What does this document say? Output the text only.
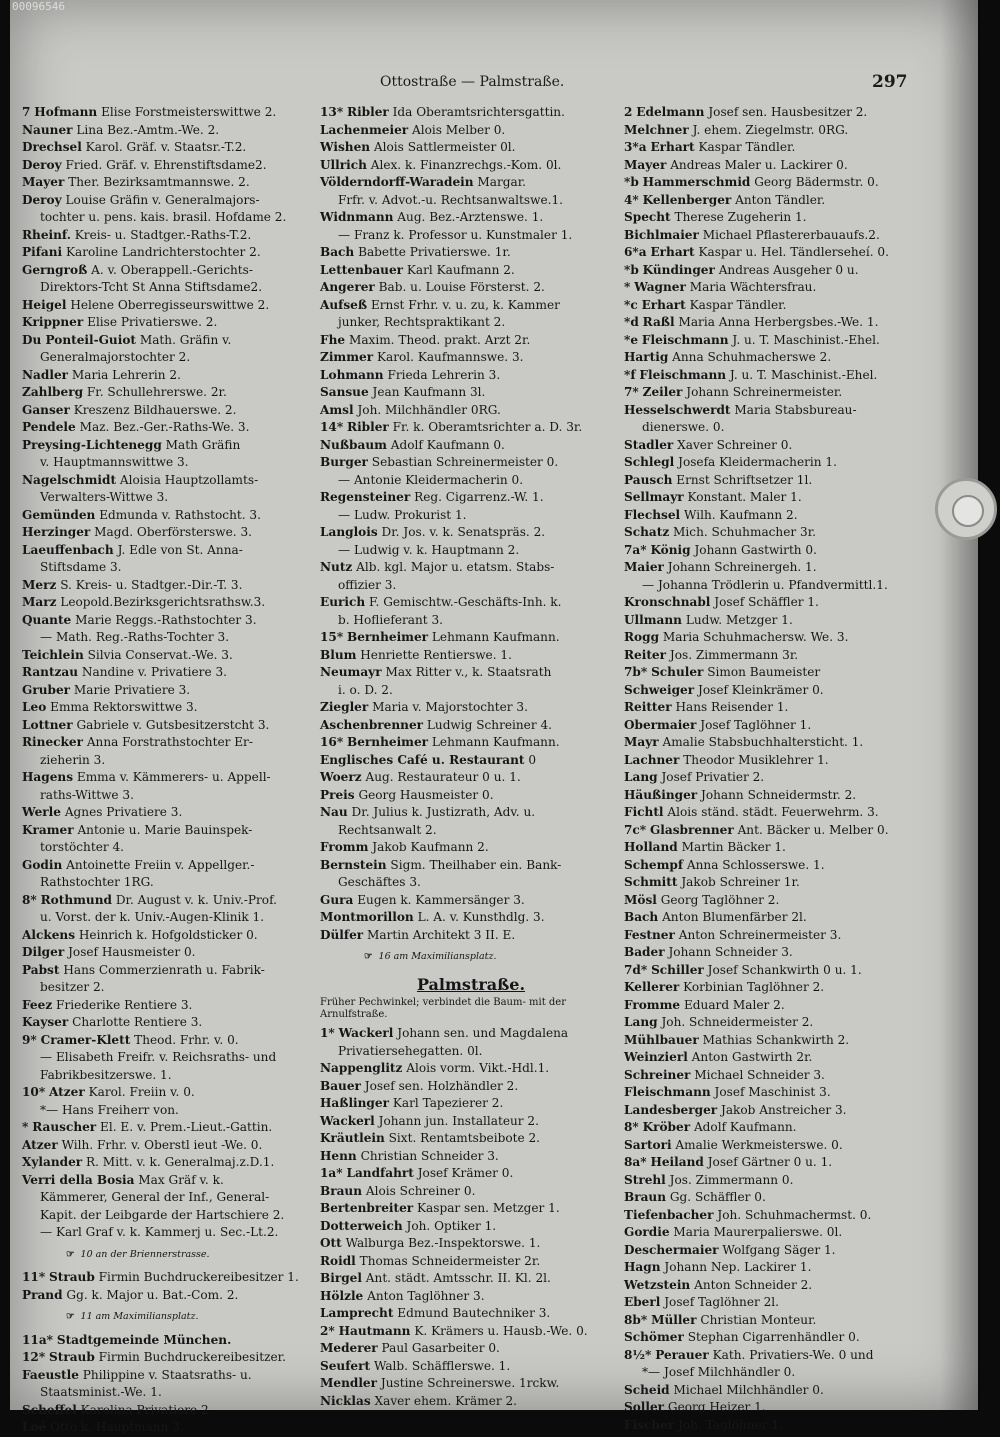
00096546
Ottostraße — Palmstraße.	297
7 Hofmann Elise Forstmeisterswittwe 2.
Nauner Lina Bez.-Amtm.-We. 2.
Drechsel Karol. Gräf. v. Staatsr.-T.2.
Deroy Fried. Gräf. v. Ehrenstiftsdame2.
Mayer Ther. Bezirksamtmannswe. 2.
Deroy Louise Gräfin v. Generalmajors-
tochter u. pens. kais. brasil. Hofdame 2.
Rheinf. Kreis- u. Stadtger.-Raths-T.2.
Pifani Karoline Landrichterstochter 2.
Gerngroß A. v. Oberappell.-Gerichts-
Direktors-Tcht St Anna Stiftsdame2.
Heigel Helene Oberregisseurswittwe 2.
Krippner Elise Privatierswe. 2.
Du Ponteil-Guiot Math. Gräfin v.
Generalmajorstochter 2.
Nadler Maria Lehrerin 2.
Zahlberg Fr. Schullehrerswe. 2r.
Ganser Kreszenz Bildhauerswe. 2.
Pendele Maz. Bez.-Ger.-Raths-We. 3.
Preysing-Lichtenegg Math Gräfin
v. Hauptmannswittwe 3.
Nagelschmidt Aloisia Hauptzollamts-
Verwalters-Wittwe 3.
Gemünden Edmunda v. Rathstocht. 3.
Herzinger Magd. Oberförsterswe. 3.
Laeuffenbach J. Edle von St. Anna-
Stiftsdame 3.
Merz S. Kreis- u. Stadtger.-Dir.-T. 3.
Marz Leopold.Bezirksgerichtsrathsw.3.
Quante Marie Reggs.-Rathstochter 3.
— Math. Reg.-Raths-Tochter 3.
Teichlein Silvia Conservat.-We. 3.
Rantzau Nandine v. Privatiere 3.
Gruber Marie Privatiere 3.
Leo Emma Rektorswittwe 3.
Lottner Gabriele v. Gutsbesitzerstcht 3.
Rinecker Anna Forstrathstochter Er-
zieherin 3.
Hagens Emma v. Kämmerers- u. Appell-
raths-Wittwe 3.
Werle Agnes Privatiere 3.
Kramer Antonie u. Marie Bauinspek-
torstöchter 4.
Godin Antoinette Freiin v. Appellger.-
Rathstochter 1RG.
8* Rothmund Dr. August v. k. Univ.-Prof.
u. Vorst. der k. Univ.-Augen-Klinik 1.
Alckens Heinrich k. Hofgoldsticker 0.
Dilger Josef Hausmeister 0.
Pabst Hans Commerzienrath u. Fabrik-
besitzer 2.
Feez Friederike Rentiere 3.
Kayser Charlotte Rentiere 3.
9* Cramer-Klett Theod. Frhr. v. 0.
— Elisabeth Freifr. v. Reichsraths- und
Fabrikbesitzerswe. 1.
10* Atzer Karol. Freiin v. 0.
*— Hans Freiherr von.
* Rauscher El. E. v. Prem.-Lieut.-Gattin.
Atzer Wilh. Frhr. v. Oberstl ieut -We. 0.
Xylander R. Mitt. v. k. Generalmaj.z.D.1.
Verri della Bosia Max Gräf v. k.
Kämmerer, General der Inf., General-
Kapit. der Leibgarde der Hartschiere 2.
— Karl Graf v. k. Kammerj u. Sec.-Lt.2.
☞ 10 an der Briennerstrasse.
11* Straub Firmin Buchdruckereibesitzer 1.
Prand Gg. k. Major u. Bat.-Com. 2.
☞ 11 am Maximiliansplatz.
11a* Stadtgemeinde München.
12* Straub Firmin Buchdruckereibesitzer.
Faeustle Philippine v. Staatsraths- u.
Staatsminist.-We. 1.
Scheffel Karolina Privatiere 2.
Loé Otto k. Hauptmann 3.
13* Ribler Ida Oberamtsrichtersgattin.
Lachenmeier Alois Melber 0.
Wishen Alois Sattlermeister 0l.
Ullrich Alex. k. Finanzrechgs.-Kom. 0l.
Völderndorff-Waradein Margar.
Frfr. v. Advot.-u. Rechtsanwaltswe.1.
Widnmann Aug. Bez.-Arztenswe. 1.
— Franz k. Professor u. Kunstmaler 1.
Bach Babette Privatierswe. 1r.
Lettenbauer Karl Kaufmann 2.
Angerer Bab. u. Louise Försterst. 2.
Aufseß Ernst Frhr. v. u. zu, k. Kammer
junker, Rechtspraktikant 2.
Fhe Maxim. Theod. prakt. Arzt 2r.
Zimmer Karol. Kaufmannswe. 3.
Lohmann Frieda Lehrerin 3.
Sansue Jean Kaufmann 3l.
Amsl Joh. Milchhändler 0RG.
14* Ribler Fr. k. Oberamtsrichter a. D. 3r.
Nußbaum Adolf Kaufmann 0.
Burger Sebastian Schreinermeister 0.
— Antonie Kleidermacherin 0.
Regensteiner Reg. Cigarrenz.-W. 1.
— Ludw. Prokurist 1.
Langlois Dr. Jos. v. k. Senatspräs. 2.
— Ludwig v. k. Hauptmann 2.
Nutz Alb. kgl. Major u. etatsm. Stabs-
offizier 3.
Eurich F. Gemischtw.-Geschäfts-Inh. k.
b. Hoflieferant 3.
15* Bernheimer Lehmann Kaufmann.
Blum Henriette Rentierswe. 1.
Neumayr Max Ritter v., k. Staatsrath
i. o. D. 2.
Ziegler Maria v. Majorstochter 3.
Aschenbrenner Ludwig Schreiner 4.
16* Bernheimer Lehmann Kaufmann.
Englisches Café u. Restaurant 0
Woerz Aug. Restaurateur 0 u. 1.
Preis Georg Hausmeister 0.
Nau Dr. Julius k. Justizrath, Adv. u.
Rechtsanwalt 2.
Fromm Jakob Kaufmann 2.
Bernstein Sigm. Theilhaber ein. Bank-
Geschäftes 3.
Gura Eugen k. Kammersänger 3.
Montmorillon L. A. v. Kunsthdlg. 3.
Dülfer Martin Architekt 3 II. E.
☞ 16 am Maximiliansplatz.
Palmstraße.
Früher Pechwinkel; verbindet die Baum- mit der Arnulfstraße.
1* Wackerl Johann sen. und Magdalena
Privatiersehegatten. 0l.
Nappenglitz Alois vorm. Vikt.-Hdl.1.
Bauer Josef sen. Holzhändler 2.
Haßlinger Karl Tapezierer 2.
Wackerl Johann jun. Installateur 2.
Kräutlein Sixt. Rentamtsbeibote 2.
Henn Christian Schneider 3.
1a* Landfahrt Josef Krämer 0.
Braun Alois Schreiner 0.
Bertenbreiter Kaspar sen. Metzger 1.
Dotterweich Joh. Optiker 1.
Ott Walburga Bez.-Inspektorswe. 1.
Roidl Thomas Schneidermeister 2r.
Birgel Ant. städt. Amtsschr. II. Kl. 2l.
Hölzle Anton Taglöhner 3.
Lamprecht Edmund Bautechniker 3.
2* Hautmann K. Krämers u. Hausb.-We. 0.
Mederer Paul Gasarbeiter 0.
Seufert Walb. Schäfflerswe. 1.
Mendler Justine Schreinerswe. 1rckw.
Nicklas Xaver ehem. Krämer 2.
2 Edelmann Josef sen. Hausbesitzer 2.
Melchner J. ehem. Ziegelmstr. 0RG.
3*a Erhart Kaspar Tändler.
Mayer Andreas Maler u. Lackirer 0.
*b Hammerschmid Georg Bädermstr. 0.
4* Kellenberger Anton Tändler.
Specht Therese Zugeherin 1.
Bichlmaier Michael Pflastererbauaufs.2.
6*a Erhart Kaspar u. Hel. Tändlerseheí. 0.
*b Kündinger Andreas Ausgeher 0 u.
* Wagner Maria Wächtersfrau.
*c Erhart Kaspar Tändler.
*d Raßl Maria Anna Herbergsbes.-We. 1.
*e Fleischmann J. u. T. Maschinist.-Ehel.
Hartig Anna Schuhmacherswe 2.
*f Fleischmann J. u. T. Maschinist.-Ehel.
7* Zeiler Johann Schreinermeister.
Hesselschwerdt Maria Stabsbureau-
dienerswe. 0.
Stadler Xaver Schreiner 0.
Schlegl Josefa Kleidermacherin 1.
Pausch Ernst Schriftsetzer 1l.
Sellmayr Konstant. Maler 1.
Flechsel Wilh. Kaufmann 2.
Schatz Mich. Schuhmacher 3r.
7a* König Johann Gastwirth 0.
Maier Johann Schreinergeh. 1.
— Johanna Trödlerin u. Pfandvermittl.1.
Kronschnabl Josef Schäffler 1.
Ullmann Ludw. Metzger 1.
Rogg Maria Schuhmachersw. We. 3.
Reiter Jos. Zimmermann 3r.
7b* Schuler Simon Baumeister
Schweiger Josef Kleinkrämer 0.
Reitter Hans Reisender 1.
Obermaier Josef Taglöhner 1.
Mayr Amalie Stabsbuchhaltersticht. 1.
Lachner Theodor Musiklehrer 1.
Lang Josef Privatier 2.
Häußinger Johann Schneidermstr. 2.
Fichtl Alois ständ. städt. Feuerwehrm. 3.
7c* Glasbrenner Ant. Bäcker u. Melber 0.
Holland Martin Bäcker 1.
Schempf Anna Schlosserswe. 1.
Schmitt Jakob Schreiner 1r.
Mösl Georg Taglöhner 2.
Bach Anton Blumenfärber 2l.
Festner Anton Schreinermeister 3.
Bader Johann Schneider 3.
7d* Schiller Josef Schankwirth 0 u. 1.
Kellerer Korbinian Taglöhner 2.
Fromme Eduard Maler 2.
Lang Joh. Schneidermeister 2.
Mühlbauer Mathias Schankwirth 2.
Weinzierl Anton Gastwirth 2r.
Schreiner Michael Schneider 3.
Fleischmann Josef Maschinist 3.
Landesberger Jakob Anstreicher 3.
8* Kröber Adolf Kaufmann.
Sartori Amalie Werkmeisterswe. 0.
8a* Heiland Josef Gärtner 0 u. 1.
Strehl Jos. Zimmermann 0.
Braun Gg. Schäffler 0.
Tiefenbacher Joh. Schuhmachermst. 0.
Gordie Maria Maurerpalierswe. 0l.
Deschermaier Wolfgang Säger 1.
Hagn Johann Nep. Lackirer 1.
Wetzstein Anton Schneider 2.
Eberl Josef Taglöhner 2l.
8b* Müller Christian Monteur.
Schömer Stephan Cigarrenhändler 0.
8½* Perauer Kath. Privatiers-We. 0 und
*— Josef Milchhändler 0.
Scheid Michael Milchhändler 0.
Soller Georg Heizer 1.
Fischer Joh. Taglöhner 1.
